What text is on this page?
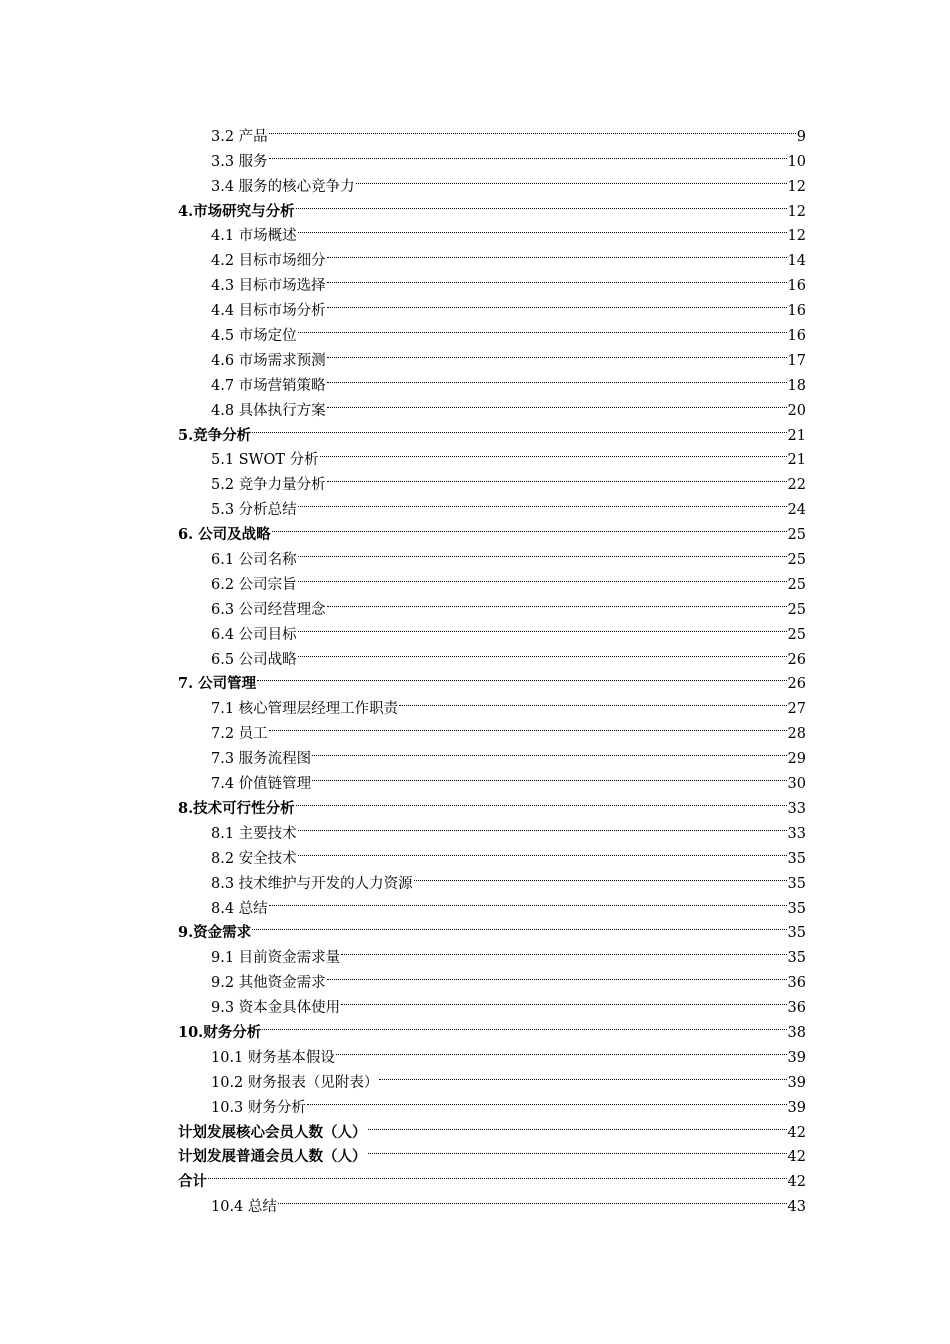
3.2 产品	9
3.3 服务	10
3.4 服务的核心竞争力	12
4.市场研究与分析	12
4.1 市场概述	12
4.2 目标市场细分	14
4.3 目标市场选择	16
4.4 目标市场分析	16
4.5 市场定位	16
4.6 市场需求预测	17
4.7 市场营销策略	18
4.8 具体执行方案	20
5.竞争分析	21
5.1 SWOT 分析	21
5.2 竞争力量分析	22
5.3 分析总结	24
6. 公司及战略	25
6.1 公司名称	25
6.2 公司宗旨	25
6.3 公司经营理念	25
6.4 公司目标	25
6.5 公司战略	26
7. 公司管理	26
7.1 核心管理层经理工作职责	27
7.2 员工	28
7.3 服务流程图	29
7.4 价值链管理	30
8.技术可行性分析	33
8.1 主要技术	33
8.2 安全技术	35
8.3 技术维护与开发的人力资源	35
8.4 总结	35
9.资金需求	35
9.1 目前资金需求量	35
9.2 其他资金需求	36
9.3 资本金具体使用	36
10.财务分析	38
10.1 财务基本假设	39
10.2 财务报表（见附表）	39
10.3 财务分析	39
计划发展核心会员人数（人）	42
计划发展普通会员人数（人）	42
合计	42
10.4 总结	43
